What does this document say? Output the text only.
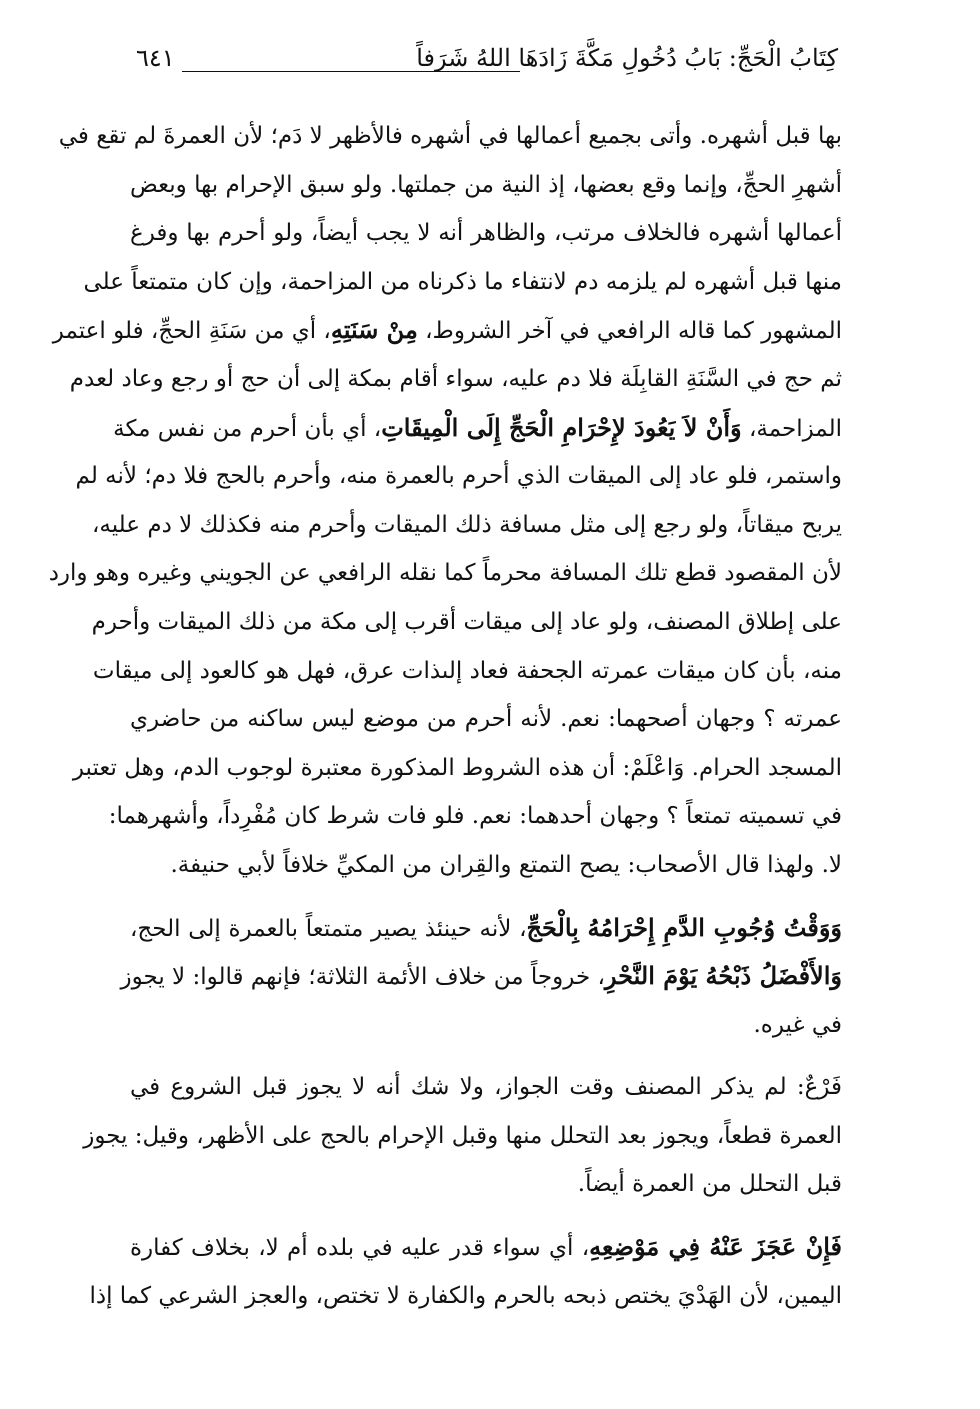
كِتَابُ الْحَجِّ: بَابُ دُخُولِ مَكَّةَ زَادَهَا اللهُ شَرَفاً
٦٤١
بها قبل أشهره. وأتى بجميع أعمالها في أشهره فالأظهر لا دَم؛ لأن العمرةَ لم تقع في
أشهرِ الحجِّ، وإنما وقع بعضها، إذ النية من جملتها. ولو سبق الإحرام بها وبعض
أعمالها أشهره فالخلاف مرتب، والظاهر أنه لا يجب أيضاً، ولو أحرم بها وفرغ
منها قبل أشهره لم يلزمه دم لانتفاء ما ذكرناه من المزاحمة، وإن كان متمتعاً على
المشهور كما قاله الرافعي في آخر الشروط، مِنْ سَنَتِهِ، أي من سَنَةِ الحجِّ، فلو اعتمر
ثم حج في السَّنَةِ القابِلَة فلا دم عليه، سواء أقام بمكة إلى أن حج أو رجع وعاد لعدم
المزاحمة، وَأَنْ لاَ يَعُودَ لإِحْرَامِ الْحَجِّ إِلَى الْمِيقَاتِ، أي بأن أحرم من نفس مكة
واستمر، فلو عاد إلى الميقات الذي أحرم بالعمرة منه، وأحرم بالحج فلا دم؛ لأنه لم
يربح ميقاتاً، ولو رجع إلى مثل مسافة ذلك الميقات وأحرم منه فكذلك لا دم عليه،
لأن المقصود قطع تلك المسافة محرماً كما نقله الرافعي عن الجويني وغيره وهو وارد
على إطلاق المصنف، ولو عاد إلى ميقات أقرب إلى مكة من ذلك الميقات وأحرم
منه، بأن كان ميقات عمرته الجحفة فعاد إلىذات عرق، فهل هو كالعود إلى ميقات
عمرته ؟ وجهان أصحهما: نعم. لأنه أحرم من موضع ليس ساكنه من حاضري
المسجد الحرام. وَاعْلَمْ: أن هذه الشروط المذكورة معتبرة لوجوب الدم، وهل تعتبر
في تسميته تمتعاً ؟ وجهان أحدهما: نعم. فلو فات شرط كان مُفْرِداً، وأشهرهما:
لا. ولهذا قال الأصحاب: يصح التمتع والقِران من المكيِّ خلافاً لأبي حنيفة.
وَوَقْتُ وُجُوبِ الدَّمِ إِحْرَامُهُ بِالْحَجِّ، لأنه حينئذ يصير متمتعاً بالعمرة إلى الحج،
وَالأَفْضَلُ ذَبْحُهُ يَوْمَ النَّحْرِ، خروجاً من خلاف الأئمة الثلاثة؛ فإنهم قالوا: لا يجوز
في غيره.
فَرْعٌ: لم يذكر المصنف وقت الجواز، ولا شك أنه لا يجوز قبل الشروع في
العمرة قطعاً، ويجوز بعد التحلل منها وقبل الإحرام بالحج على الأظهر، وقيل: يجوز
قبل التحلل من العمرة أيضاً.
فَإِنْ عَجَزَ عَنْهُ فِي مَوْضِعِهِ، أي سواء قدر عليه في بلده أم لا، بخلاف كفارة
اليمين، لأن الهَدْيَ يختص ذبحه بالحرم والكفارة لا تختص، والعجز الشرعي كما إذا
